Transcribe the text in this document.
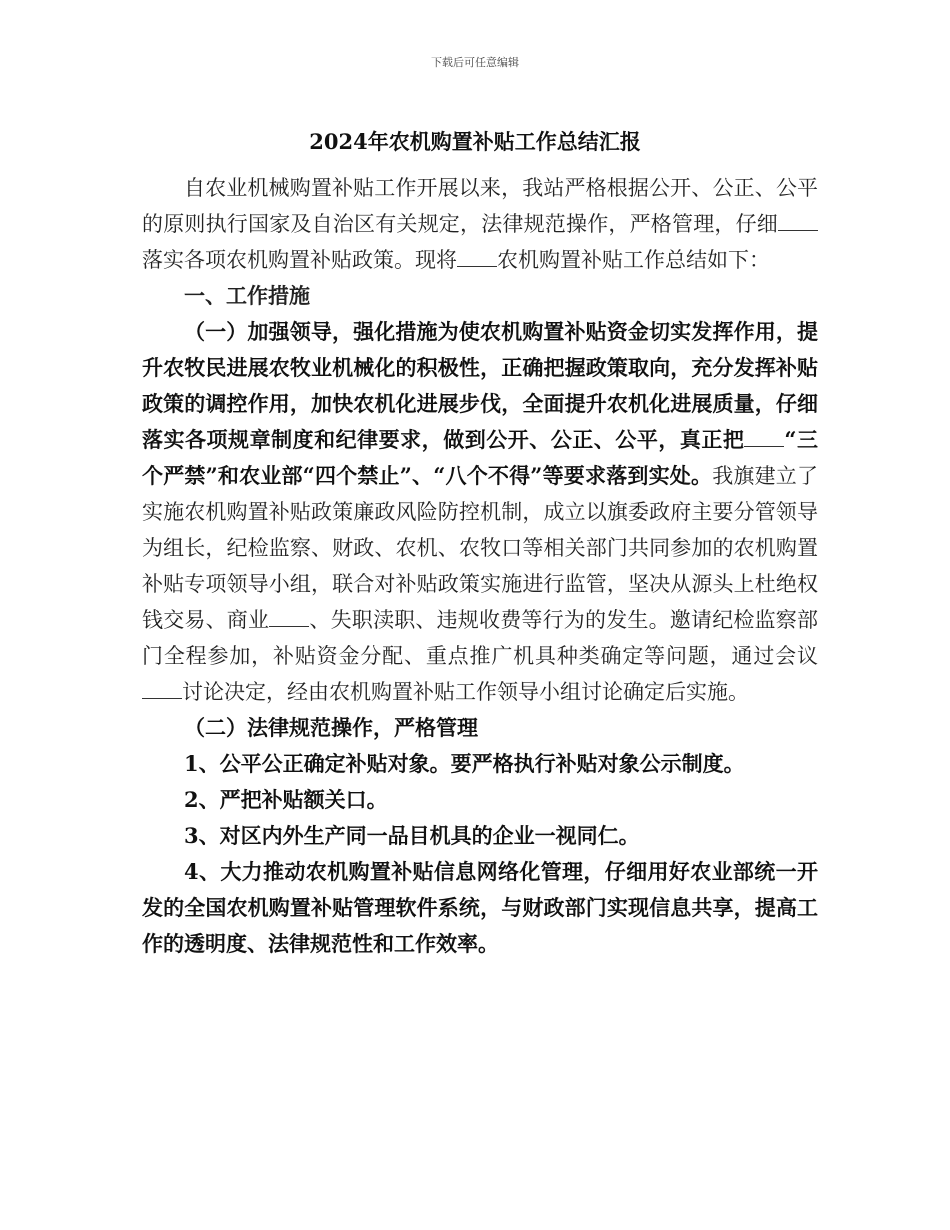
下载后可任意编辑
2024年农机购置补贴工作总结汇报

自农业机械购置补贴工作开展以来，我站严格根据公开、公正、公平的原则执行国家及自治区有关规定，法律规范操作，严格管理，仔细落实各项农机购置补贴政策。现将 农机购置补贴工作总结如下：

一、工作措施

（一）加强领导，强化措施为使农机购置补贴资金切实发挥作用，提升农牧民进展农牧业机械化的积极性，正确把握政策取向，充分发挥补贴政策的调控作用，加快农机化进展步伐，全面提升农机化进展质量，仔细落实各项规章制度和纪律要求，做到公开、公正、公平，真正把 “三个严禁”和农业部“四个禁止”、“八个不得”等要求落到实处。我旗建立了实施农机购置补贴政策廉政风险防控机制，成立以旗委政府主要分管领导为组长，纪检监察、财政、农机、农牧口等相关部门共同参加的农机购置补贴专项领导小组，联合对补贴政策实施进行监管，坚决从源头上杜绝权钱交易、商业 、失职渎职、违规收费等行为的发生。邀请纪检监察部门全程参加，补贴资金分配、重点推广机具种类确定等问题，通过会议讨论决定，经由农机购置补贴工作领导小组讨论确定后实施。

（二）法律规范操作，严格管理

1、公平公正确定补贴对象。要严格执行补贴对象公示制度。

2、严把补贴额关口。

3、对区内外生产同一品目机具的企业一视同仁。

4、大力推动农机购置补贴信息网络化管理，仔细用好农业部统一开发的全国农机购置补贴管理软件系统，与财政部门实现信息共享，提高工作的透明度、法律规范性和工作效率。
